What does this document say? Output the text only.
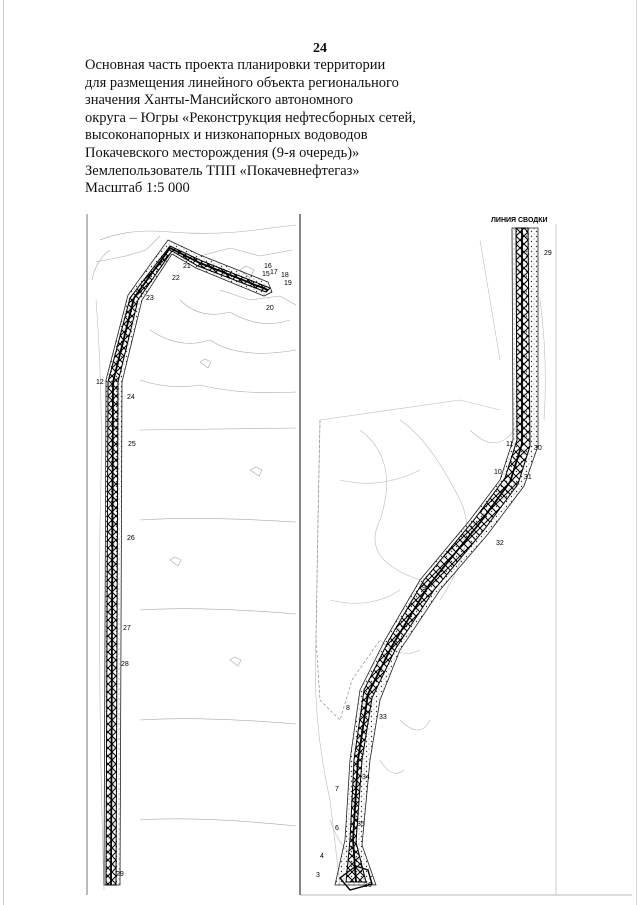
24
Основная часть проекта планировки территории
для размещения линейного объекта регионального
значения Ханты-Мансийского автономного
округа – Югры «Реконструкция нефтесборных сетей,
высоконапорных и низконапорных водоводов
Покачевского месторождения (9-я очередь)»
Землепользователь ТПП «Покачевнефтегаз»
Масштаб 1:5 000
21
22
23
24
25
26
27
28
29
20
18
19
16
15 17
12
ЛИНИЯ СВОДКИ
29
30
31
32
33
34
35
36
11
10
9
8
7
6
4
3
